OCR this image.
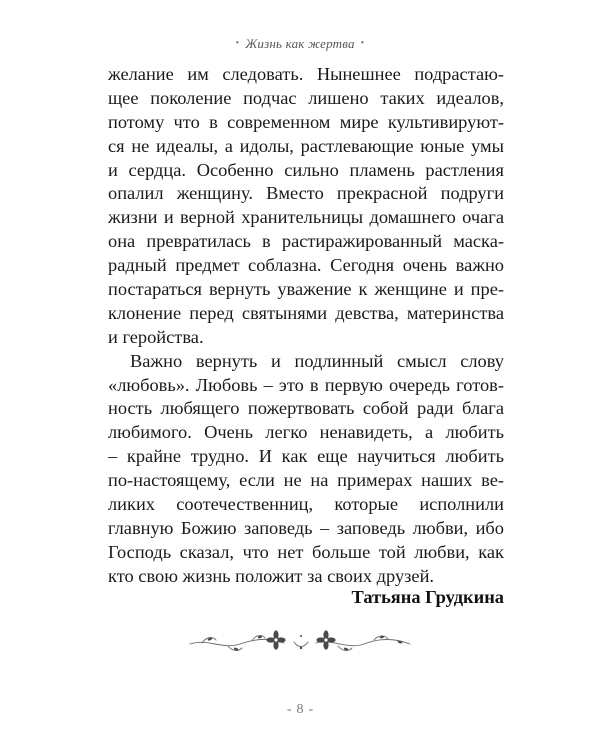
• Жизнь как жертва •
желание им следовать. Нынешнее подрастаю-
щее поколение подчас лишено таких идеалов,
потому что в современном мире культивируют-
ся не идеалы, а идолы, растлевающие юные умы
и сердца. Особенно сильно пламень растления
опалил женщину. Вместо прекрасной подруги
жизни и верной хранительницы домашнего очага
она превратилась в растиражированный маска-
радный предмет соблазна. Сегодня очень важно
постараться вернуть уважение к женщине и пре-
клонение перед святынями девства, материнства
и геройства.
Важно вернуть и подлинный смысл слову
«любовь». Любовь – это в первую очередь готов-
ность любящего пожертвовать собой ради блага
любимого. Очень легко ненавидеть, а любить
– крайне трудно. И как еще научиться любить
по-настоящему, если не на примерах наших ве-
ликих соотечественниц, которые исполнили
главную Божию заповедь – заповедь любви, ибо
Господь сказал, что нет больше той любви, как
кто свою жизнь положит за своих друзей.
Татьяна Грудкина
- 8 -
